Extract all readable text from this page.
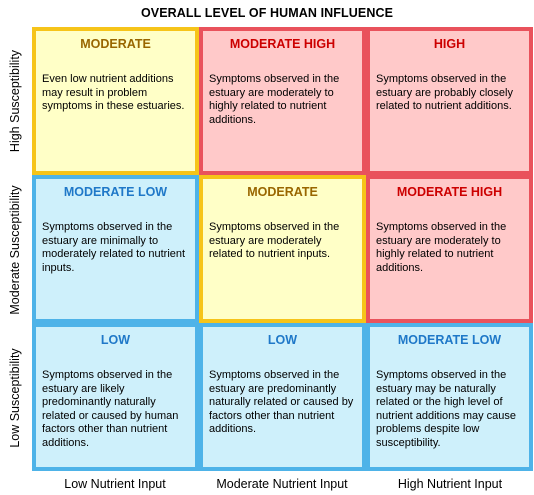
OVERALL LEVEL OF HUMAN INFLUENCE
High Susceptibility
Moderate Susceptibility
Low Susceptibility
MODERATE
Even low nutrient additions may result in problem symptoms in these estuaries.
MODERATE HIGH
Symptoms observed in the estuary are moderately to highly related to nutrient additions.
HIGH
Symptoms observed in the estuary are probably closely related to nutrient additions.
MODERATE LOW
Symptoms observed in the estuary are minimally to moderately related to nutrient inputs.
MODERATE
Symptoms observed in the estuary are moderately related to nutrient inputs.
MODERATE HIGH
Symptoms observed in the estuary are moderately to highly related to nutrient additions.
LOW
Symptoms observed in the estuary are likely predominantly naturally related or caused by human factors other than nutrient additions.
LOW
Symptoms observed in the estuary are predominantly naturally related or caused by factors other than nutrient additions.
MODERATE LOW
Symptoms observed in the estuary may be naturally related or the high level of nutrient additions may cause problems despite low susceptibility.
Low Nutrient Input	Moderate Nutrient Input	High Nutrient Input
